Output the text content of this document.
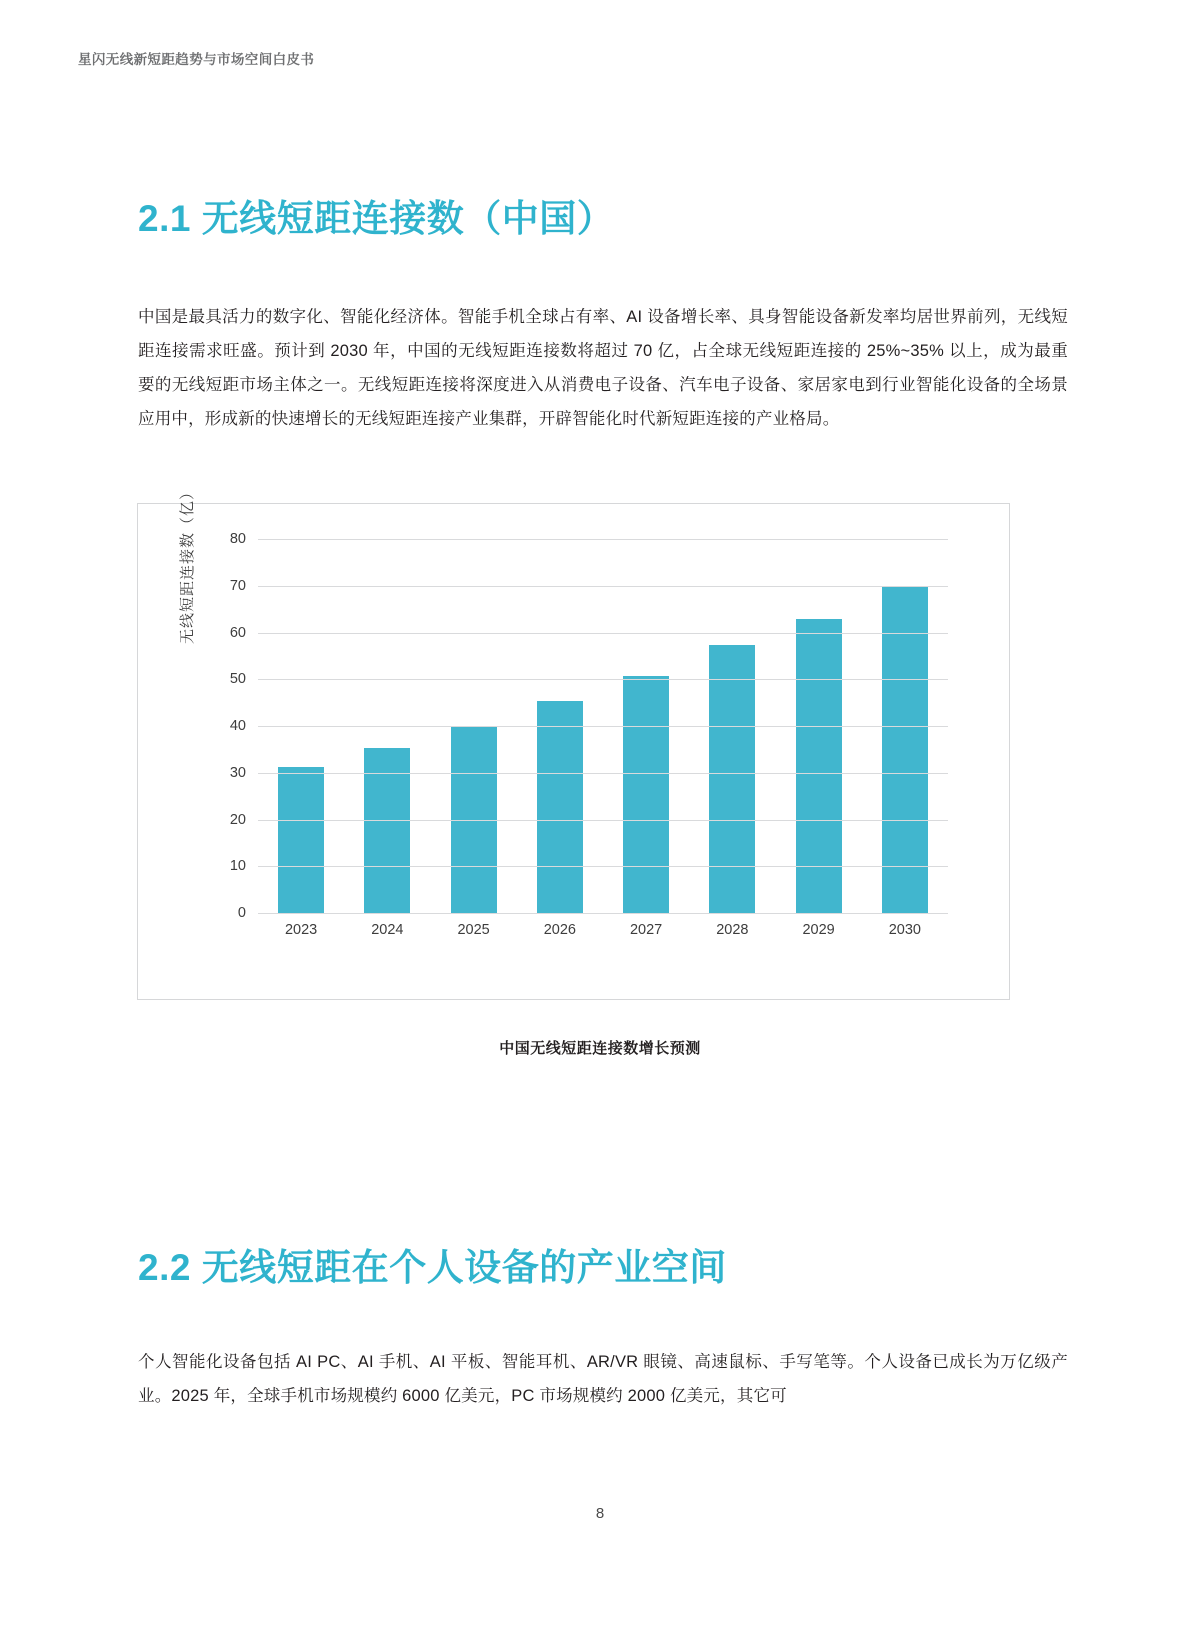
星闪无线新短距趋势与市场空间白皮书
2.1 无线短距连接数（中国）

中国是最具活力的数字化、智能化经济体。智能手机全球占有率、AI 设备增长率、具身智能设备新发率均居世界前列，无线短距连接需求旺盛。预计到 2030 年，中国的无线短距连接数将超过 70 亿，占全球无线短距连接的 25%~35% 以上，成为最重要的无线短距市场主体之一。无线短距连接将深度进入从消费电子设备、汽车电子设备、家居家电到行业智能化设备的全场景应用中，形成新的快速增长的无线短距连接产业集群，开辟智能化时代新短距连接的产业格局。

无线短距连接数（亿）
0
10
20
30
40
50
60
70
80
2023	2024	2025	2026	2027	2028	2029	2030
中国无线短距连接数增长预测
2.2 无线短距在个人设备的产业空间

个人智能化设备包括 AI PC、AI 手机、AI 平板、智能耳机、AR/VR 眼镜、高速鼠标、手写笔等。个人设备已成长为万亿级产业。2025 年，全球手机市场规模约 6000 亿美元，PC 市场规模约 2000 亿美元，其它可

8
